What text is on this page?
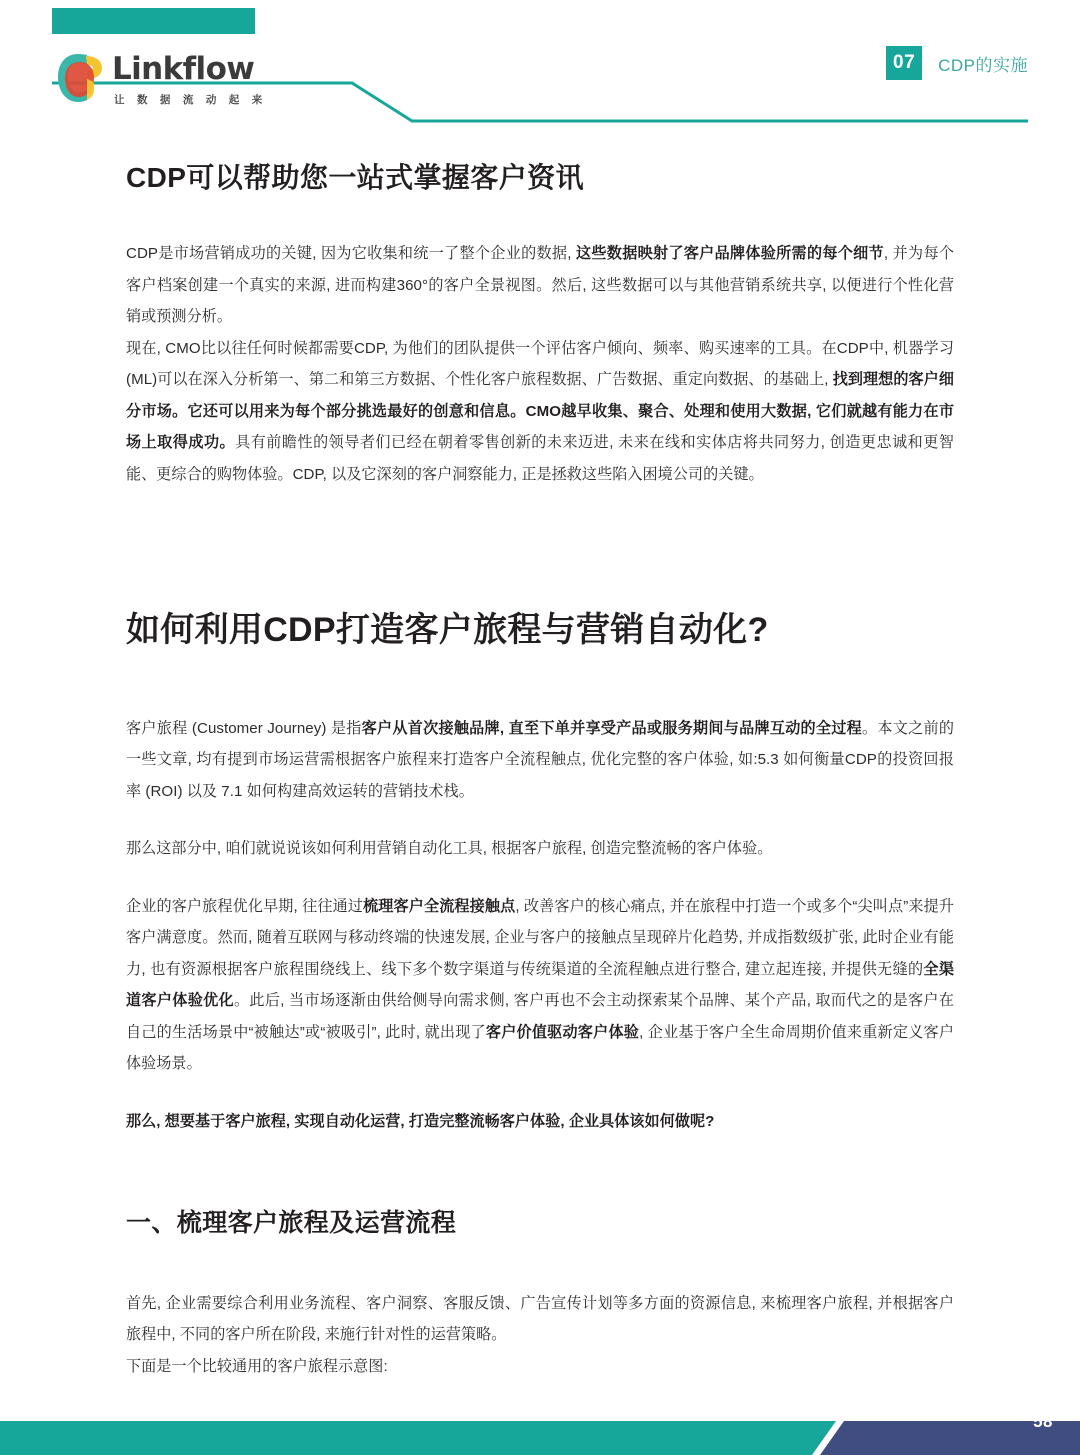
Linkflow
让 数 据 流 动 起 来
07	CDP的实施
CDP可以帮助您一站式掌握客户资讯

CDP是市场营销成功的关键, 因为它收集和统一了整个企业的数据, 这些数据映射了客户品牌体验所需的每个细节, 并为每个客户档案创建一个真实的来源, 进而构建360°的客户全景视图。然后, 这些数据可以与其他营销系统共享, 以便进行个性化营销或预测分析。

现在, CMO比以往任何时候都需要CDP, 为他们的团队提供一个评估客户倾向、频率、购买速率的工具。在CDP中, 机器学习(ML)可以在深入分析第一、第二和第三方数据、个性化客户旅程数据、广告数据、重定向数据、的基础上, 找到理想的客户细分市场。它还可以用来为每个部分挑选最好的创意和信息。CMO越早收集、聚合、处理和使用大数据, 它们就越有能力在市场上取得成功。具有前瞻性的领导者们已经在朝着零售创新的未来迈进, 未来在线和实体店将共同努力, 创造更忠诚和更智能、更综合的购物体验。CDP, 以及它深刻的客户洞察能力, 正是拯救这些陷入困境公司的关键。

如何利用CDP打造客户旅程与营销自动化?

客户旅程 (Customer Journey) 是指客户从首次接触品牌, 直至下单并享受产品或服务期间与品牌互动的全过程。本文之前的一些文章, 均有提到市场运营需根据客户旅程来打造客户全流程触点, 优化完整的客户体验, 如:5.3 如何衡量CDP的投资回报率 (ROI) 以及 7.1 如何构建高效运转的营销技术栈。

那么这部分中, 咱们就说说该如何利用营销自动化工具, 根据客户旅程, 创造完整流畅的客户体验。

企业的客户旅程优化早期, 往往通过梳理客户全流程接触点, 改善客户的核心痛点, 并在旅程中打造一个或多个“尖叫点”来提升客户满意度。然而, 随着互联网与移动终端的快速发展, 企业与客户的接触点呈现碎片化趋势, 并成指数级扩张, 此时企业有能力, 也有资源根据客户旅程围绕线上、线下多个数字渠道与传统渠道的全流程触点进行整合, 建立起连接, 并提供无缝的全渠道客户体验优化。此后, 当市场逐渐由供给侧导向需求侧, 客户再也不会主动探索某个品牌、某个产品, 取而代之的是客户在自己的生活场景中“被触达”或“被吸引”, 此时, 就出现了客户价值驱动客户体验, 企业基于客户全生命周期价值来重新定义客户体验场景。

那么, 想要基于客户旅程, 实现自动化运营, 打造完整流畅客户体验, 企业具体该如何做呢?

一、梳理客户旅程及运营流程

首先, 企业需要综合利用业务流程、客户洞察、客服反馈、广告宣传计划等多方面的资源信息, 来梳理客户旅程, 并根据客户旅程中, 不同的客户所在阶段, 来施行针对性的运营策略。

下面是一个比较通用的客户旅程示意图:

58
